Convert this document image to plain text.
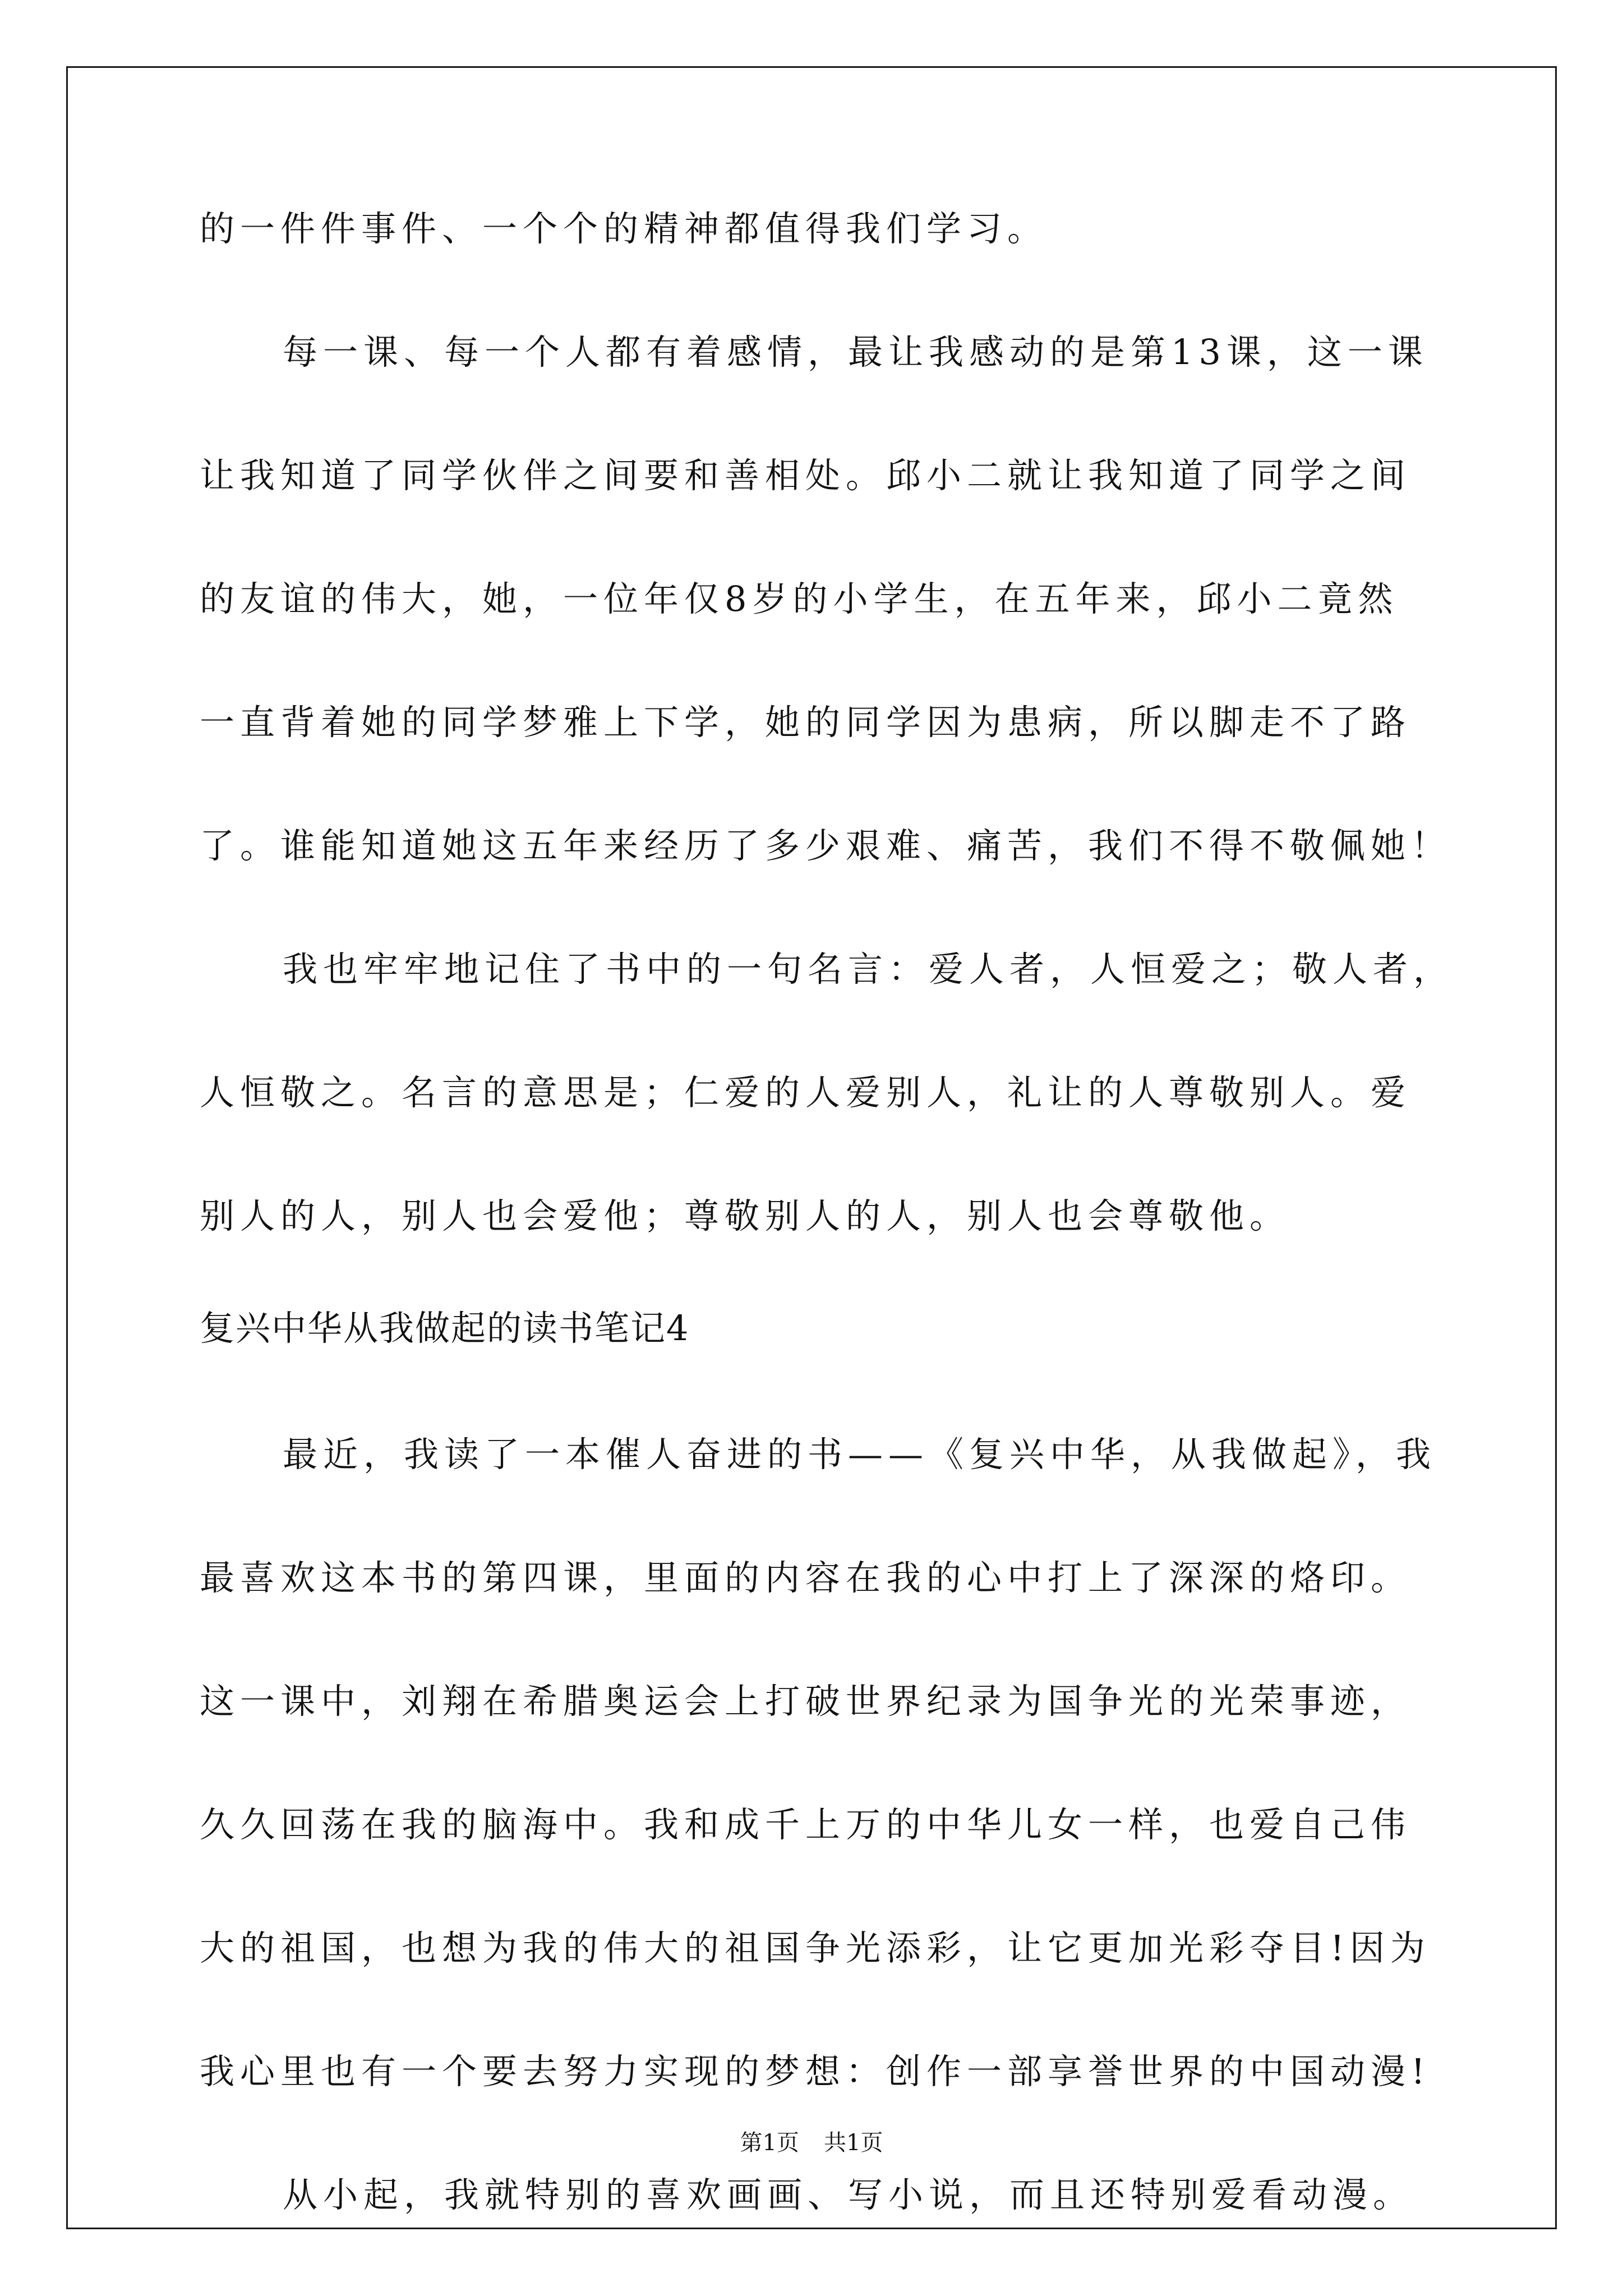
的一件件事件、一个个的精神都值得我们学习。
每一课、每一个人都有着感情，最让我感动的是第13课，这一课
让我知道了同学伙伴之间要和善相处。邱小二就让我知道了同学之间
的友谊的伟大，她，一位年仅8岁的小学生，在五年来，邱小二竟然
一直背着她的同学梦雅上下学，她的同学因为患病，所以脚走不了路
了。谁能知道她这五年来经历了多少艰难、痛苦，我们不得不敬佩她！
我也牢牢地记住了书中的一句名言：爱人者，人恒爱之；敬人者，
人恒敬之。名言的意思是；仁爱的人爱别人，礼让的人尊敬别人。爱
别人的人，别人也会爱他；尊敬别人的人，别人也会尊敬他。
复兴中华从我做起的读书笔记4
最近，我读了一本催人奋进的书——《复兴中华，从我做起》，我
最喜欢这本书的第四课，里面的内容在我的心中打上了深深的烙印。
这一课中，刘翔在希腊奥运会上打破世界纪录为国争光的光荣事迹，
久久回荡在我的脑海中。我和成千上万的中华儿女一样，也爱自己伟
大的祖国，也想为我的伟大的祖国争光添彩，让它更加光彩夺目!因为
我心里也有一个要去努力实现的梦想：创作一部享誉世界的中国动漫!
从小起，我就特别的喜欢画画、写小说，而且还特别爱看动漫。
第1页 共1页
